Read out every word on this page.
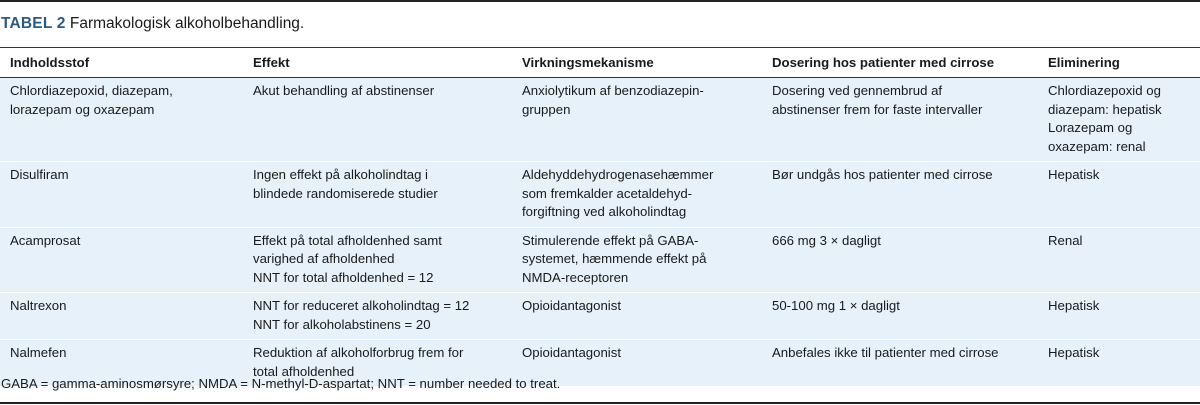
TABEL 2 Farmakologisk alkoholbehandling.
Indholdsstof	Effekt	Virkningsmekanisme	Dosering hos patienter med cirrose	Eliminering

Chlordiazepoxid, diazepam,
lorazepam og oxazepam	Akut behandling af abstinenser	Anxiolytikum af benzodiazepin-
gruppen	Dosering ved gennembrud af
abstinenser frem for faste intervaller	Chlordiazepoxid og
diazepam: hepatisk
Lorazepam og
oxazepam: renal

Disulfiram	Ingen effekt på alkoholindtag i
blindede randomiserede studier	Aldehyddehydrogenasehæmmer
som fremkalder acetaldehyd-
forgiftning ved alkoholindtag	Bør undgås hos patienter med cirrose	Hepatisk

Acamprosat	Effekt på total afholdenhed samt
varighed af afholdenhed
NNT for total afholdenhed = 12	Stimulerende effekt på GABA-
systemet, hæmmende effekt på
NMDA-receptoren	666 mg 3 × dagligt	Renal

Naltrexon	NNT for reduceret alkoholindtag = 12
NNT for alkoholabstinens = 20	Opioidantagonist	50-100 mg 1 × dagligt	Hepatisk

Nalmefen	Reduktion af alkoholforbrug frem for
total afholdenhed	Opioidantagonist	Anbefales ikke til patienter med cirrose	Hepatisk
GABA = gamma-aminosmørsyre; NMDA = N-methyl-D-aspartat; NNT = number needed to treat.
